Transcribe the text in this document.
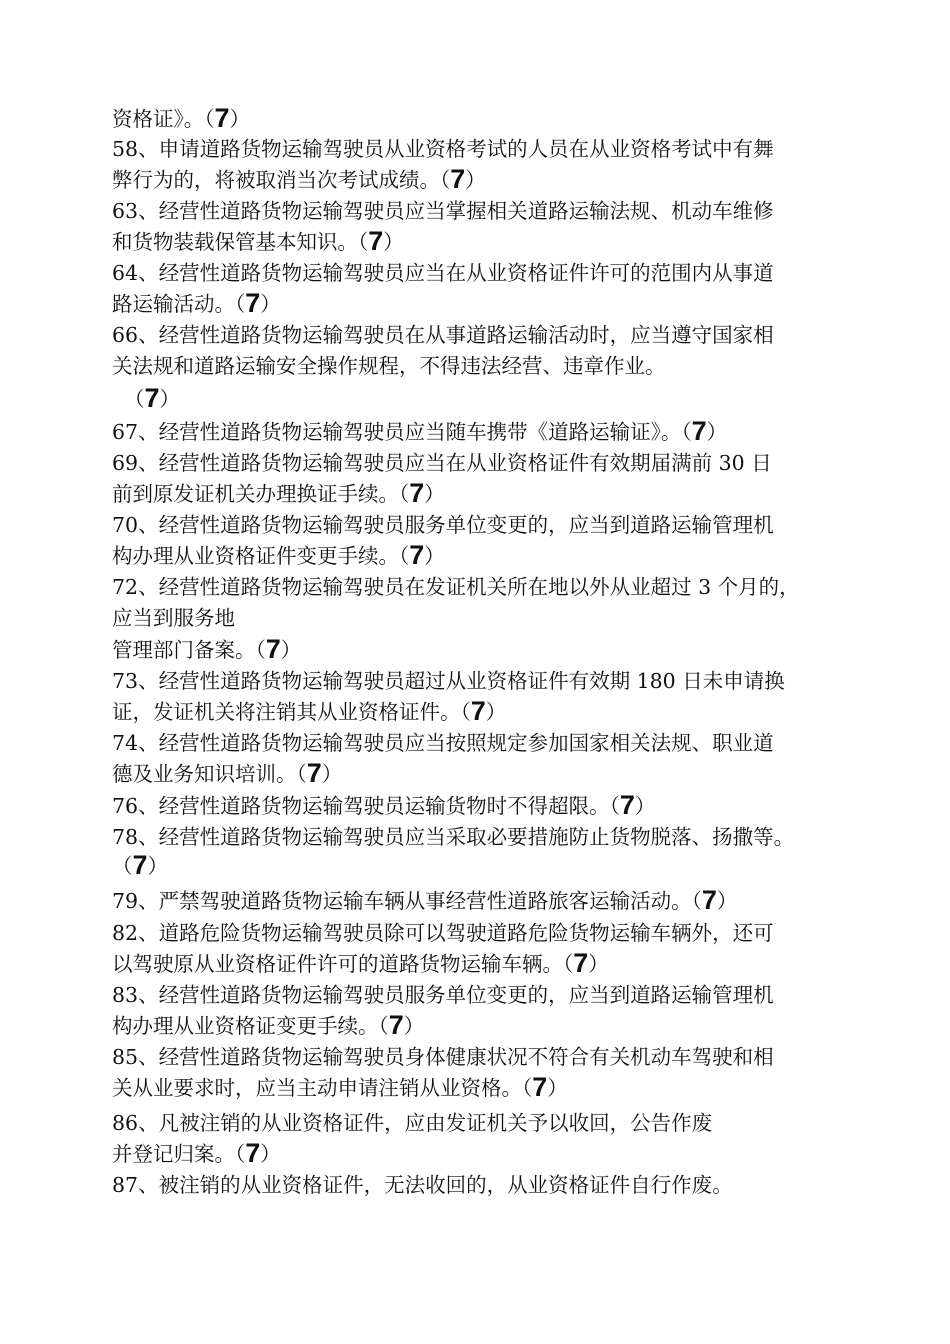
资格证》。（7）
58、申请道路货物运输驾驶员从业资格考试的人员在从业资格考试中有舞
弊行为的，将被取消当次考试成绩。（7）
63、经营性道路货物运输驾驶员应当掌握相关道路运输法规、机动车维修
和货物装载保管基本知识。（7）
64、经营性道路货物运输驾驶员应当在从业资格证件许可的范围内从事道
路运输活动。（7）
66、经营性道路货物运输驾驶员在从事道路运输活动时，应当遵守国家相
关法规和道路运输安全操作规程，不得违法经营、违章作业。
（7）
67、经营性道路货物运输驾驶员应当随车携带《道路运输证》。（7）
69、经营性道路货物运输驾驶员应当在从业资格证件有效期届满前 30 日
前到原发证机关办理换证手续。（7）
70、经营性道路货物运输驾驶员服务单位变更的，应当到道路运输管理机
构办理从业资格证件变更手续。（7）
72、经营性道路货物运输驾驶员在发证机关所在地以外从业超过 3 个月的，
应当到服务地
管理部门备案。（7）
73、经营性道路货物运输驾驶员超过从业资格证件有效期 180 日未申请换
证，发证机关将注销其从业资格证件。（7）
74、经营性道路货物运输驾驶员应当按照规定参加国家相关法规、职业道
德及业务知识培训。（7）
76、经营性道路货物运输驾驶员运输货物时不得超限。（7）
78、经营性道路货物运输驾驶员应当采取必要措施防止货物脱落、扬撒等。
（7）
79、严禁驾驶道路货物运输车辆从事经营性道路旅客运输活动。（7）
82、道路危险货物运输驾驶员除可以驾驶道路危险货物运输车辆外，还可
以驾驶原从业资格证件许可的道路货物运输车辆。（7）
83、经营性道路货物运输驾驶员服务单位变更的，应当到道路运输管理机
构办理从业资格证变更手续。（7）
85、经营性道路货物运输驾驶员身体健康状况不符合有关机动车驾驶和相
关从业要求时，应当主动申请注销从业资格。（7）
86、凡被注销的从业资格证件，应由发证机关予以收回，公告作废
并登记归案。（7）
87、被注销的从业资格证件，无法收回的，从业资格证件自行作废。
